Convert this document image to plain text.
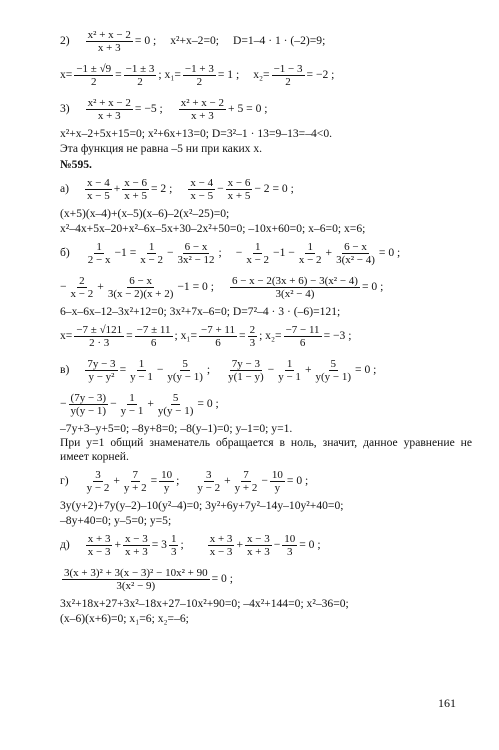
$2) \frac{\text{x² + x − 2}}{x + 3} = 0$ ; x²+x–2=0; D=1–4 · 1 · (–2)=9;
$x= \frac{-1 \pm √9}{2} = \frac{-1 \pm 3}{2}$ ; $x_1= \frac{-1 + 3}{2} = 1$ ; $x_2= \frac{-1 - 3}{2} = -2$ ;
$3) \frac{\text{x² + x − 2}}{x + 3} = -5$ ; $\frac{\text{x² + x − 2}}{x + 3} + 5 = 0$ ;
x²+x–2+5x+15=0; x²+6x+13=0; D=3²–1 · 13=9–13=–4<0.
Эта функция не равна –5 ни при каких x.
№595.
$а) \frac{x - 4}{x - 5} + \frac{x - 6}{x + 5} = 2$ ; $\frac{x - 4}{x - 5} - \frac{x - 6}{x + 5} - 2 = 0$ ;
(x+5)(x–4)+(x–5)(x–6)–2(x²–25)=0;
x²–4x+5x–20+x²–6x–5x+30–2x²+50=0; –10x+60=0; x–6=0; x=6;
$б) \frac{1}{2 - x} -1 = \frac{1}{x - 2} - \frac{6 - x}{\text{3x² − 12}}$ ; − $\frac{1}{x - 2} -1 - \frac{1}{x - 2} + \frac{6 - x}{\text{3(x² − 4)}} = 0$ ;
− $\frac{2}{x - 2} + \frac{6 - x}{3(x - 2)(x + 2)} -1 = 0$ ; $\frac{\text{6 − x − 2(3x + 6) − 3(x² − 4)}}{\text{3(x² − 4)}} = 0$ ;
6–x–6x–12–3x²+12=0; 3x²+7x–6=0; D=7²–4 · 3 · (–6)=121;
$x= \frac{-7 \pm √121}{2 \cdot 3} = \frac{-7 \pm 11}{6}$ ; $x_1= \frac{-7 + 11}{6} = \frac{2}{3}$ ; $x_2= \frac{-7 - 11}{6} = -3$ ;
$в) \frac{7y - 3}{\text{y − y²}} = \frac{1}{y - 1} - \frac{5}{y(y - 1)}$ ; $\frac{7y - 3}{y(1 - y)} - \frac{1}{y - 1} + \frac{5}{y(y - 1)} = 0$ ;
− $\frac{(7y - 3)}{y(y - 1)} - \frac{1}{y - 1} + \frac{5}{y(y - 1)} = 0$ ;
–7y+3–y+5=0; –8y+8=0; –8(y–1)=0; y–1=0; y=1.
При y=1 общий знаменатель обращается в ноль, значит, данное уравнение не имеет корней.
$г) \frac{3}{y - 2} + \frac{7}{y + 2} = \frac{10}{y}$ ; $\frac{3}{y - 2} + \frac{7}{y + 2} - \frac{10}{y} = 0$ ;
3y(y+2)+7y(y–2)–10(y²–4)=0; 3y²+6y+7y²–14y–10y²+40=0;
–8y+40=0; y–5=0; y=5;
$д) \frac{x + 3}{x - 3} + \frac{x - 3}{x + 3} = 3 \frac{1}{3}$ ; $\frac{x + 3}{x - 3} + \frac{x - 3}{x + 3} - \frac{10}{3} = 0$ ;
$\frac{\text{3(x + 3)² + 3(x − 3)² − 10x² + 90}}{\text{3(x² − 9)}} = 0$ ;
3x²+18x+27+3x²–18x+27–10x²+90=0; –4x²+144=0; x²–36=0;
(x–6)(x+6)=0; x₁=6; x₂=–6;
161
